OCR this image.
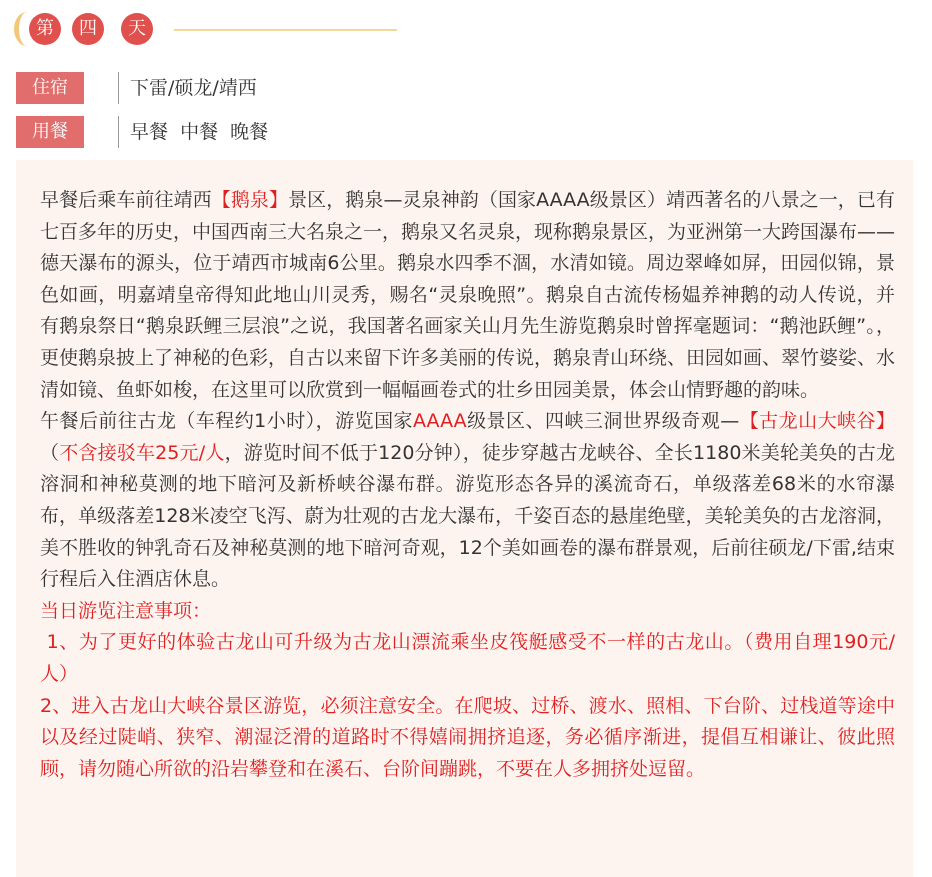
第	四	天
住宿	下雷/硕龙/靖西
用餐	早餐  中餐  晚餐

早餐后乘车前往靖西【鹅泉】景区，鹅泉—灵泉神韵（国家AAAA级景区）靖西著名的八景之一，已有七百多年的历史，中国西南三大名泉之一，鹅泉又名灵泉，现称鹅泉景区，为亚洲第一大跨国瀑布——德天瀑布的源头，位于靖西市城南6公里。鹅泉水四季不涸，水清如镜。周边翠峰如屏，田园似锦，景色如画，明嘉靖皇帝得知此地山川灵秀，赐名“灵泉晚照”。鹅泉自古流传杨媪养神鹅的动人传说，并有鹅泉祭日“鹅泉跃鲤三层浪”之说，我国著名画家关山月先生游览鹅泉时曾挥毫题词：“鹅池跃鲤”。，更使鹅泉披上了神秘的色彩，自古以来留下许多美丽的传说，鹅泉青山环绕、田园如画、翠竹婆娑、水清如镜、鱼虾如梭，在这里可以欣赏到一幅幅画卷式的壮乡田园美景，体会山情野趣的韵味。

午餐后前往古龙（车程约1小时），游览国家AAAA级景区、四峡三洞世界级奇观—【古龙山大峡谷】（不含接驳车25元/人，游览时间不低于120分钟），徒步穿越古龙峡谷、全长1180米美轮美奂的古龙溶洞和神秘莫测的地下暗河及新桥峡谷瀑布群。游览形态各异的溪流奇石，单级落差68米的水帘瀑布，单级落差128米凌空飞泻、蔚为壮观的古龙大瀑布，千姿百态的悬崖绝壁，美轮美奂的古龙溶洞，美不胜收的钟乳奇石及神秘莫测的地下暗河奇观，12个美如画卷的瀑布群景观，后前往硕龙/下雷,结束行程后入住酒店休息。

当日游览注意事项：

1、为了更好的体验古龙山可升级为古龙山漂流乘坐皮筏艇感受不一样的古龙山。（费用自理190元/人）

2、进入古龙山大峡谷景区游览，必须注意安全。在爬坡、过桥、渡水、照相、下台阶、过栈道等途中以及经过陡峭、狭窄、潮湿泛滑的道路时不得嬉闹拥挤追逐，务必循序渐进，提倡互相谦让、彼此照顾，请勿随心所欲的沿岩攀登和在溪石、台阶间蹦跳，不要在人多拥挤处逗留。
